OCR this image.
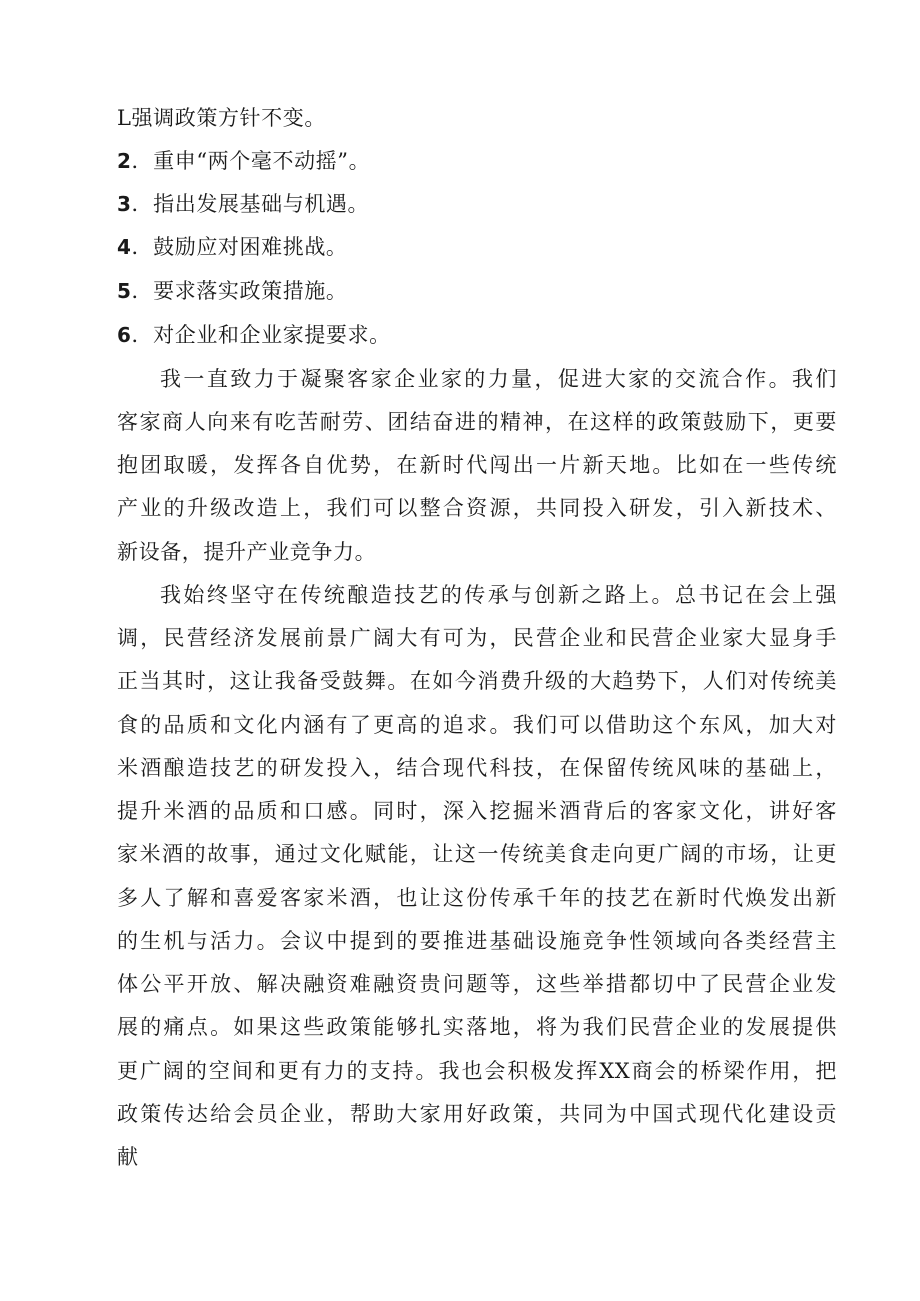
L强调政策方针不变。
2．重申“两个毫不动摇”。
3．指出发展基础与机遇。
4．鼓励应对困难挑战。
5．要求落实政策措施。
6．对企业和企业家提要求。
我一直致力于凝聚客家企业家的力量，促进大家的交流合作。我们
客家商人向来有吃苦耐劳、团结奋进的精神，在这样的政策鼓励下，更要
抱团取暖，发挥各自优势，在新时代闯出一片新天地。比如在一些传统
产业的升级改造上，我们可以整合资源，共同投入研发，引入新技术、
新设备，提升产业竞争力。
我始终坚守在传统酿造技艺的传承与创新之路上。总书记在会上强
调，民营经济发展前景广阔大有可为，民营企业和民营企业家大显身手
正当其时，这让我备受鼓舞。在如今消费升级的大趋势下，人们对传统美
食的品质和文化内涵有了更高的追求。我们可以借助这个东风，加大对
米酒酿造技艺的研发投入，结合现代科技，在保留传统风味的基础上，
提升米酒的品质和口感。同时，深入挖掘米酒背后的客家文化，讲好客
家米酒的故事，通过文化赋能，让这一传统美食走向更广阔的市场，让更
多人了解和喜爱客家米酒，也让这份传承千年的技艺在新时代焕发出新
的生机与活力。会议中提到的要推进基础设施竞争性领域向各类经营主
体公平开放、解决融资难融资贵问题等，这些举措都切中了民营企业发
展的痛点。如果这些政策能够扎实落地，将为我们民营企业的发展提供
更广阔的空间和更有力的支持。我也会积极发挥XX商会的桥梁作用，把
政策传达给会员企业，帮助大家用好政策，共同为中国式现代化建设贡
献
